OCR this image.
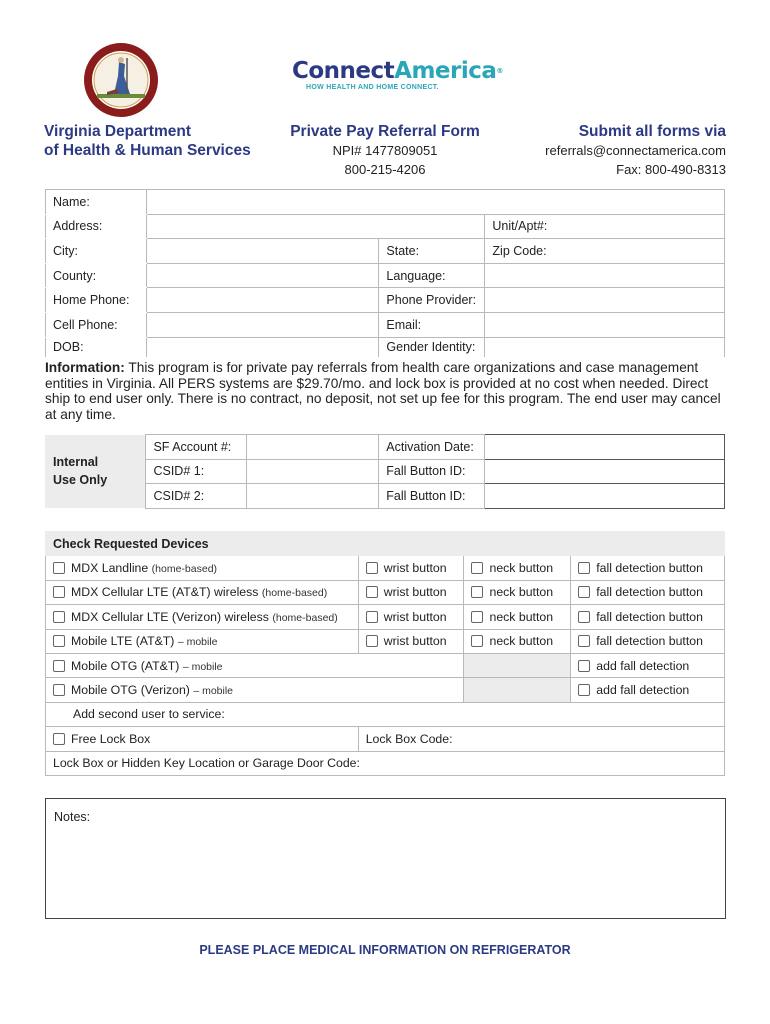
ConnectAmerica®
HOW HEALTH AND HOME CONNECT.
Virginia Department
of Health & Human Services
Private Pay Referral Form
NPI# 1477809051
800-215-4206
Submit all forms via
referrals@connectamerica.com
Fax: 800-490-8313
Name:			
Address:			Unit/Apt#:
City:		State:	Zip Code:
County:		Language:	
Home Phone:		Phone Provider:	
Cell Phone:		Email:	
DOB:		Gender Identity:	
Information: This program is for private pay referrals from health care organizations and case management entities in Virginia. All PERS systems are $29.70/mo. and lock box is provided at no cost when needed. Direct ship to end user only. There is no contract, no deposit, not set up fee for this program. The end user may cancel at any time.
Internal
Use Only	SF Account #:		Activation Date:	
	CSID# 1:		Fall Button ID:	
	CSID# 2:		Fall Button ID:	
Check Requested Devices			
MDX Landline (home-based)	wrist button	neck button	fall detection button
MDX Cellular LTE (AT&T) wireless (home-based)	wrist button	neck button	fall detection button
MDX Cellular LTE (Verizon) wireless (home-based)	wrist button	neck button	fall detection button
Mobile LTE (AT&T) – mobile	wrist button	neck button	fall detection button
Mobile OTG (AT&T) – mobile			add fall detection
Mobile OTG (Verizon) – mobile			add fall detection
Add second user to service:			
Free Lock Box	Lock Box Code:		
Lock Box or Hidden Key Location or Garage Door Code:			
Notes:
PLEASE PLACE MEDICAL INFORMATION ON REFRIGERATOR
